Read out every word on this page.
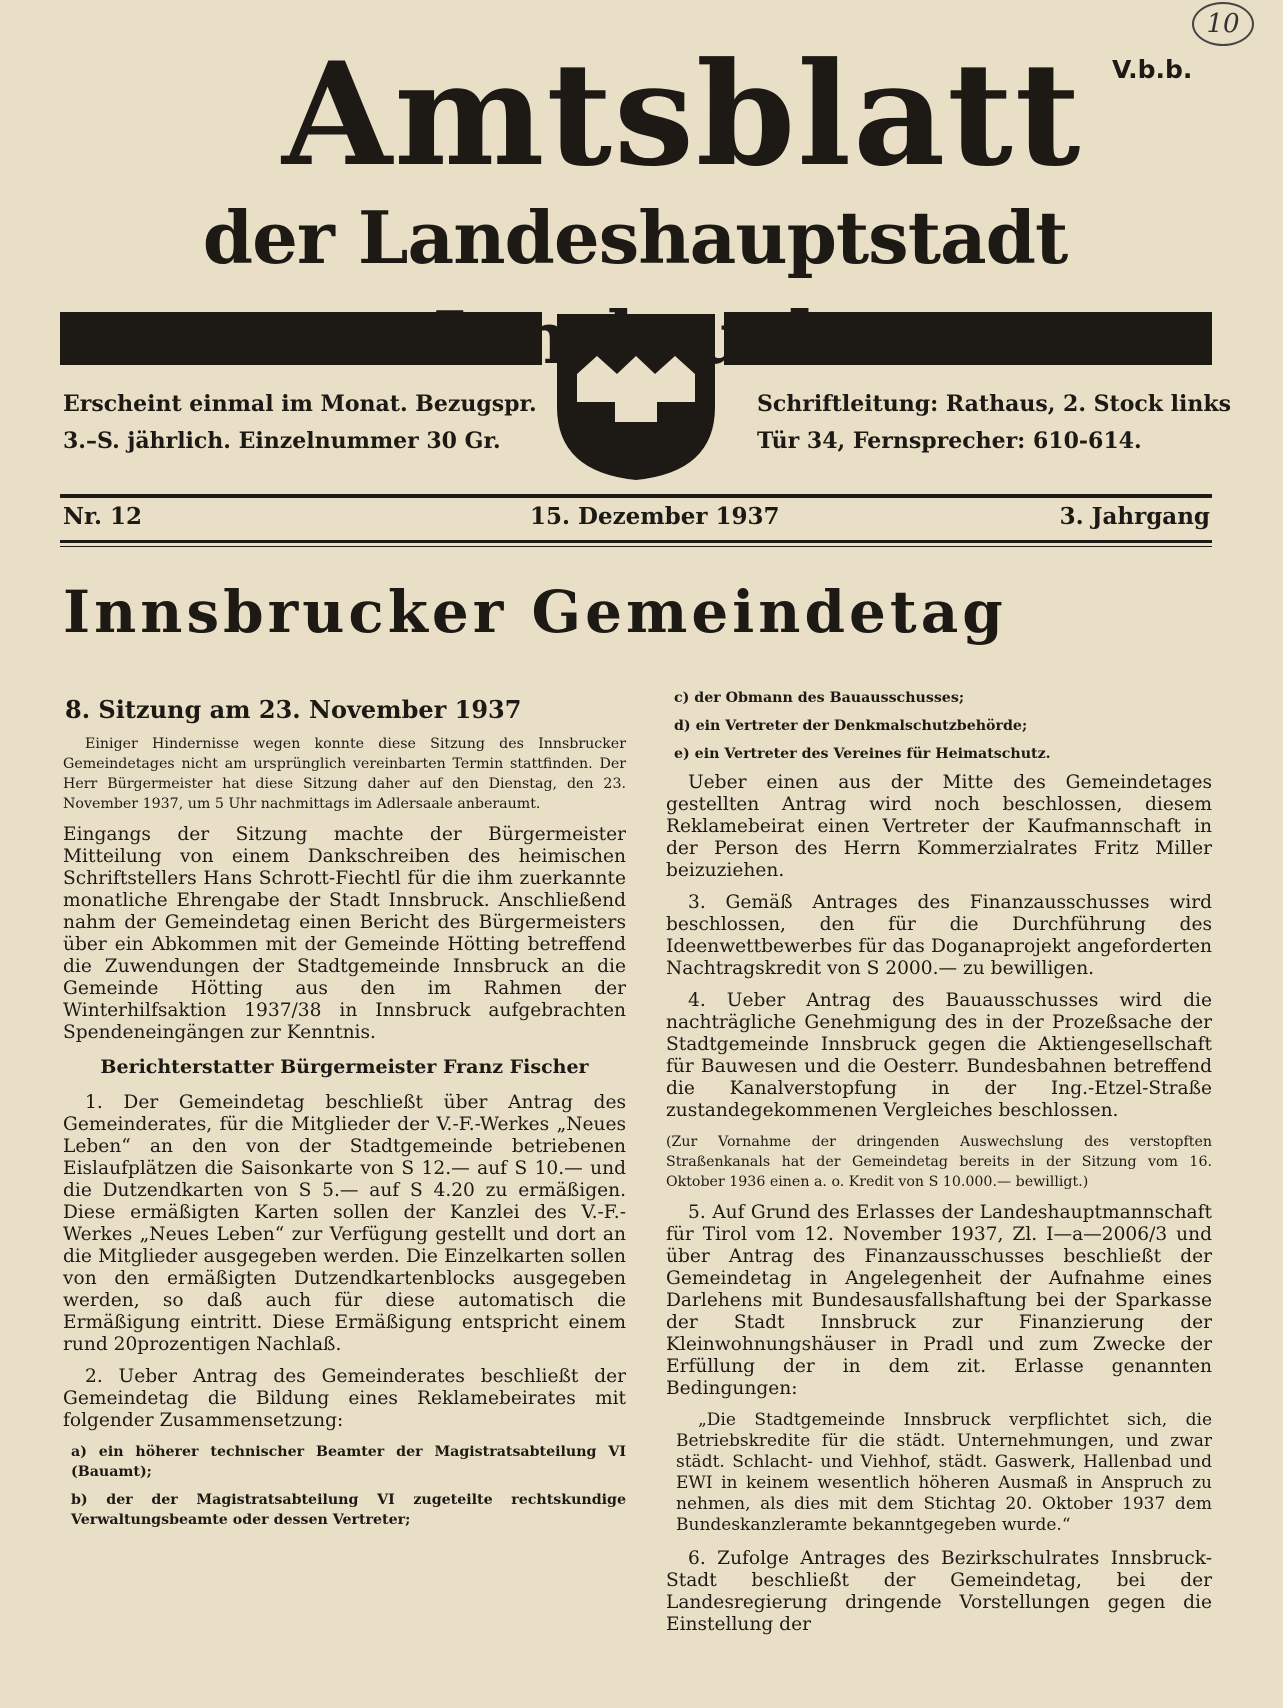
10
V.b.b.
Amtsblatt
der Landeshauptstadt
Erscheint einmal im Monat. Bezugspr.
3.–S. jährlich. Einzelnummer 30 Gr.
Schriftleitung: Rathaus, 2. Stock links
Tür 34, Fernsprecher: 610-614.
Nr. 12	15. Dezember 1937	3. Jahrgang
Innsbrucker Gemeindetag

8. Sitzung am 23. November 1937

Einiger Hindernisse wegen konnte diese Sitzung des Innsbrucker Gemeindetages nicht am ursprünglich vereinbarten Termin stattfinden. Der Herr Bürgermeister hat diese Sitzung daher auf den Dienstag, den 23. November 1937, um 5 Uhr nachmittags im Adlersaale anberaumt.

Eingangs der Sitzung machte der Bürgermeister Mitteilung von einem Dankschreiben des heimischen Schriftstellers Hans Schrott-Fiechtl für die ihm zuerkannte monatliche Ehrengabe der Stadt Innsbruck. Anschließend nahm der Gemeindetag einen Bericht des Bürgermeisters über ein Abkommen mit der Gemeinde Hötting betreffend die Zuwendungen der Stadtgemeinde Innsbruck an die Gemeinde Hötting aus den im Rahmen der Winterhilfsaktion 1937/38 in Innsbruck aufgebrachten Spendeneingängen zur Kenntnis.

Berichterstatter Bürgermeister Franz Fischer

1. Der Gemeindetag beschließt über Antrag des Gemeinderates, für die Mitglieder der V.-F.-Werkes „Neues Leben“ an den von der Stadtgemeinde betriebenen Eislaufplätzen die Saisonkarte von S 12.— auf S 10.— und die Dutzendkarten von S 5.— auf S 4.20 zu ermäßigen. Diese ermäßigten Karten sollen der Kanzlei des V.-F.-Werkes „Neues Leben“ zur Verfügung gestellt und dort an die Mitglieder ausgegeben werden. Die Einzelkarten sollen von den ermäßigten Dutzendkartenblocks ausgegeben werden, so daß auch für diese automatisch die Ermäßigung eintritt. Diese Ermäßigung entspricht einem rund 20prozentigen Nachlaß.

2. Ueber Antrag des Gemeinderates beschließt der Gemeindetag die Bildung eines Reklamebeirates mit folgender Zusammensetzung:

a) ein höherer technischer Beamter der Magistratsabteilung VI (Bauamt);
b) der der Magistratsabteilung VI zugeteilte rechtskundige Verwaltungsbeamte oder dessen Vertreter;
c) der Obmann des Bauausschusses;
d) ein Vertreter der Denkmalschutzbehörde;
e) ein Vertreter des Vereines für Heimatschutz.

Ueber einen aus der Mitte des Gemeindetages gestellten Antrag wird noch beschlossen, diesem Reklamebeirat einen Vertreter der Kaufmannschaft in der Person des Herrn Kommerzialrates Fritz Miller beizuziehen.

3. Gemäß Antrages des Finanzausschusses wird beschlossen, den für die Durchführung des Ideenwettbewerbes für das Doganaprojekt angeforderten Nachtragskredit von S 2000.— zu bewilligen.

4. Ueber Antrag des Bauausschusses wird die nachträgliche Genehmigung des in der Prozeßsache der Stadtgemeinde Innsbruck gegen die Aktiengesellschaft für Bauwesen und die Oesterr. Bundesbahnen betreffend die Kanalverstopfung in der Ing.-Etzel-Straße zustandegekommenen Vergleiches beschlossen.

(Zur Vornahme der dringenden Auswechslung des verstopften Straßenkanals hat der Gemeindetag bereits in der Sitzung vom 16. Oktober 1936 einen a. o. Kredit von S 10.000.— bewilligt.)

5. Auf Grund des Erlasses der Landeshauptmannschaft für Tirol vom 12. November 1937, Zl. I—a—2006/3 und über Antrag des Finanzausschusses beschließt der Gemeindetag in Angelegenheit der Aufnahme eines Darlehens mit Bundesausfallshaftung bei der Sparkasse der Stadt Innsbruck zur Finanzierung der Kleinwohnungshäuser in Pradl und zum Zwecke der Erfüllung der in dem zit. Erlasse genannten Bedingungen:

„Die Stadtgemeinde Innsbruck verpflichtet sich, die Betriebskredite für die städt. Unternehmungen, und zwar städt. Schlacht- und Viehhof, städt. Gaswerk, Hallenbad und EWI in keinem wesentlich höheren Ausmaß in Anspruch zu nehmen, als dies mit dem Stichtag 20. Oktober 1937 dem Bundeskanzleramte bekanntgegeben wurde.“

6. Zufolge Antrages des Bezirkschulrates Innsbruck-Stadt beschließt der Gemeindetag, bei der Landesregierung dringende Vorstellungen gegen die Einstellung der
